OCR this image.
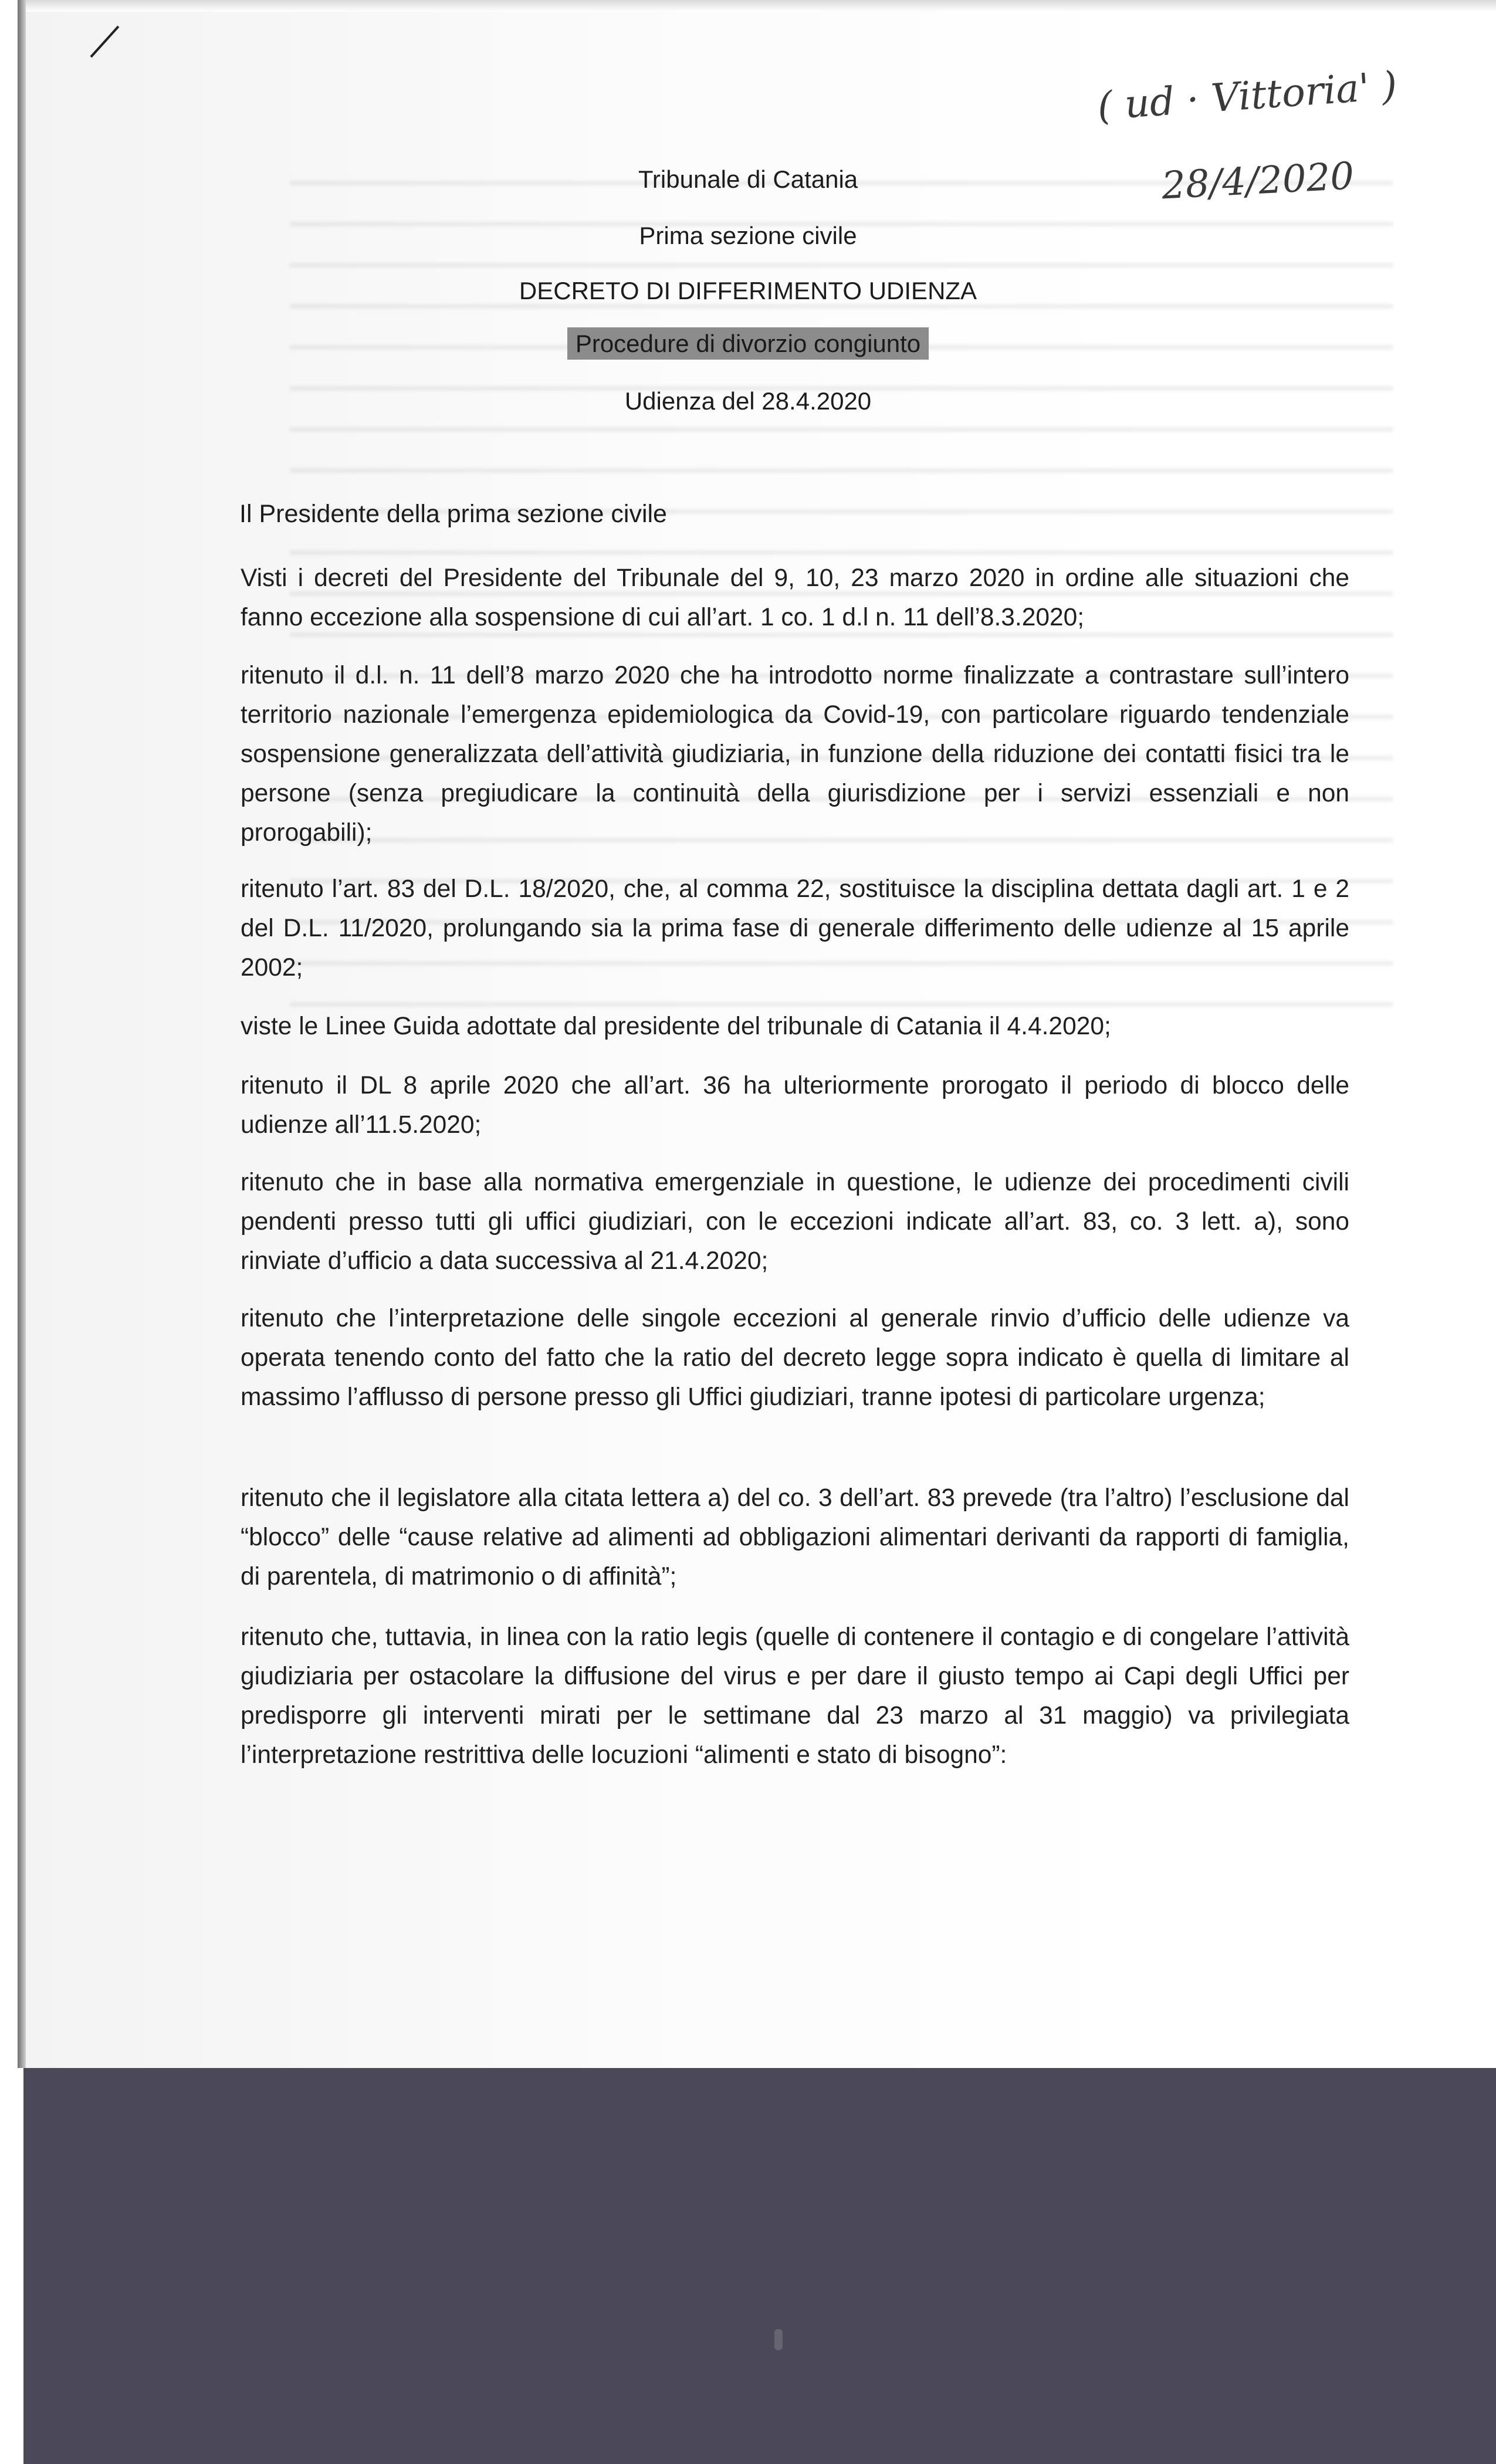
( ud · Vittoria' )
28/4/2020
Tribunale di Catania
Prima sezione civile
DECRETO DI DIFFERIMENTO UDIENZA
Procedure di divorzio congiunto
Udienza del 28.4.2020
Il Presidente della prima sezione civile
Visti i decreti del Presidente del Tribunale del 9, 10, 23 marzo 2020 in ordine alle situazioni che fanno eccezione alla sospensione di cui all’art. 1 co. 1 d.l n. 11 dell’8.3.2020;
ritenuto il d.l. n. 11 dell’8 marzo 2020 che ha introdotto norme finalizzate a contrastare sull’intero territorio nazionale l’emergenza epidemiologica da Covid-19, con particolare riguardo tendenziale sospensione generalizzata dell’attività giudiziaria, in funzione della riduzione dei contatti fisici tra le persone (senza pregiudicare la continuità della giurisdizione per i servizi essenziali e non prorogabili);
ritenuto l’art. 83 del D.L. 18/2020, che, al comma 22, sostituisce la disciplina dettata dagli art. 1 e 2 del D.L. 11/2020, prolungando sia la prima fase di generale differimento delle udienze al 15 aprile 2002;
viste le Linee Guida adottate dal presidente del tribunale di Catania il 4.4.2020;
ritenuto il DL 8 aprile 2020 che all’art. 36 ha ulteriormente prorogato il periodo di blocco delle udienze all’11.5.2020;
ritenuto che in base alla normativa emergenziale in questione, le udienze dei procedimenti civili pendenti presso tutti gli uffici giudiziari, con le eccezioni indicate all’art. 83, co. 3 lett. a), sono rinviate d’ufficio a data successiva al 21.4.2020;
ritenuto che l’interpretazione delle singole eccezioni al generale rinvio d’ufficio delle udienze va operata tenendo conto del fatto che la ratio del decreto legge sopra indicato è quella di limitare al massimo l’afflusso di persone presso gli Uffici giudiziari, tranne ipotesi di particolare urgenza;
ritenuto che il legislatore alla citata lettera a) del co. 3 dell’art. 83 prevede (tra l’altro) l’esclusione dal “blocco” delle “cause relative ad alimenti ad obbligazioni alimentari derivanti da rapporti di famiglia, di parentela, di matrimonio o di affinità”;
ritenuto che, tuttavia, in linea con la ratio legis (quelle di contenere il contagio e di congelare l’attività giudiziaria per ostacolare la diffusione del virus e per dare il giusto tempo ai Capi degli Uffici per predisporre gli interventi mirati per le settimane dal 23 marzo al 31 maggio) va privilegiata l’interpretazione restrittiva delle locuzioni “alimenti e stato di bisogno”:
